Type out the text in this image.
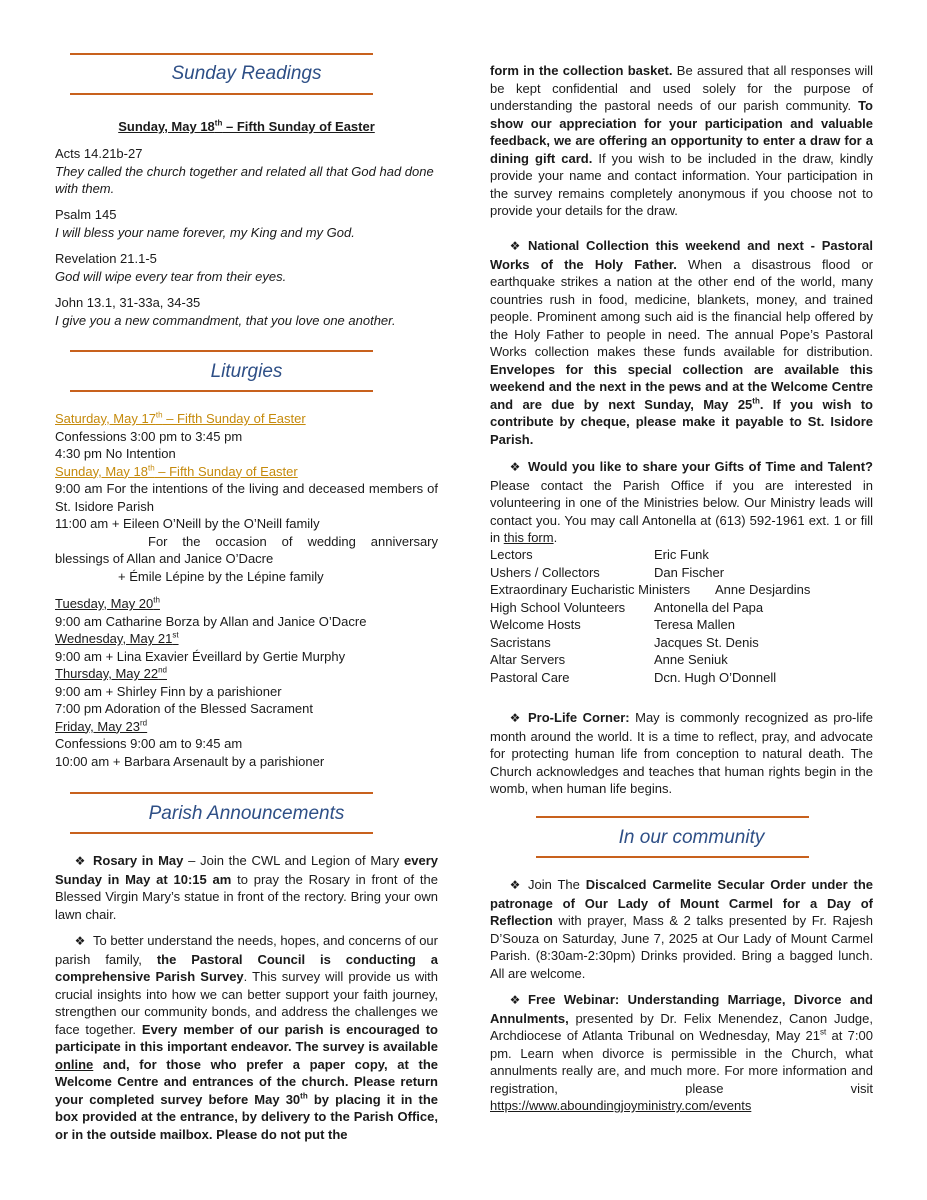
Sunday Readings
Sunday, May 18th – Fifth Sunday of Easter
Acts 14.21b-27
They called the church together and related all that God had done with them.
Psalm 145
I will bless your name forever, my King and my God.
Revelation 21.1-5
God will wipe every tear from their eyes.
John 13.1, 31-33a, 34-35
I give you a new commandment, that you love one another.
Liturgies
Saturday, May 17th – Fifth Sunday of Easter
Confessions 3:00 pm to 3:45 pm
4:30 pm No Intention
Sunday, May 18th – Fifth Sunday of Easter
9:00 am For the intentions of the living and deceased members of St. Isidore Parish
11:00 am + Eileen O’Neill by the O’Neill family
For the occasion of wedding anniversary blessings of Allan and Janice O’Dacre
+ Émile Lépine by the Lépine family
Tuesday, May 20th
9:00 am Catharine Borza by Allan and Janice O’Dacre
Wednesday, May 21st
9:00 am + Lina Exavier Éveillard by Gertie Murphy
Thursday, May 22nd
9:00 am + Shirley Finn by a parishioner
7:00 pm Adoration of the Blessed Sacrament
Friday, May 23rd
Confessions 9:00 am to 9:45 am
10:00 am + Barbara Arsenault by a parishioner
Parish Announcements
❖ Rosary in May – Join the CWL and Legion of Mary every Sunday in May at 10:15 am to pray the Rosary in front of the Blessed Virgin Mary’s statue in front of the rectory. Bring your own lawn chair.
❖ To better understand the needs, hopes, and concerns of our parish family, the Pastoral Council is conducting a comprehensive Parish Survey. This survey will provide us with crucial insights into how we can better support your faith journey, strengthen our community bonds, and address the challenges we face together. Every member of our parish is encouraged to participate in this important endeavor. The survey is available online and, for those who prefer a paper copy, at the Welcome Centre and entrances of the church. Please return your completed survey before May 30th by placing it in the box provided at the entrance, by delivery to the Parish Office, or in the outside mailbox. Please do not put the
form in the collection basket. Be assured that all responses will be kept confidential and used solely for the purpose of understanding the pastoral needs of our parish community. To show our appreciation for your participation and valuable feedback, we are offering an opportunity to enter a draw for a dining gift card. If you wish to be included in the draw, kindly provide your name and contact information. Your participation in the survey remains completely anonymous if you choose not to provide your details for the draw.
❖ National Collection this weekend and next - Pastoral Works of the Holy Father. When a disastrous flood or earthquake strikes a nation at the other end of the world, many countries rush in food, medicine, blankets, money, and trained people. Prominent among such aid is the financial help offered by the Holy Father to people in need. The annual Pope’s Pastoral Works collection makes these funds available for distribution. Envelopes for this special collection are available this weekend and the next in the pews and at the Welcome Centre and are due by next Sunday, May 25th. If you wish to contribute by cheque, please make it payable to St. Isidore Parish.
❖ Would you like to share your Gifts of Time and Talent? Please contact the Parish Office if you are interested in volunteering in one of the Ministries below. Our Ministry leads will contact you. You may call Antonella at (613) 592-1961 ext. 1 or fill in this form.
Lectors	Eric Funk
Ushers / Collectors	Dan Fischer
Extraordinary Eucharistic Ministers Anne Desjardins
High School Volunteers Antonella del Papa
Welcome Hosts	Teresa Mallen
Sacristans	Jacques St. Denis
Altar Servers	Anne Seniuk
Pastoral Care	Dcn. Hugh O’Donnell
❖ Pro-Life Corner: May is commonly recognized as pro-life month around the world. It is a time to reflect, pray, and advocate for protecting human life from conception to natural death. The Church acknowledges and teaches that human rights begin in the womb, when human life begins.
In our community
❖ Join The Discalced Carmelite Secular Order under the patronage of Our Lady of Mount Carmel for a Day of Reflection with prayer, Mass & 2 talks presented by Fr. Rajesh D’Souza on Saturday, June 7, 2025 at Our Lady of Mount Carmel Parish. (8:30am-2:30pm) Drinks provided. Bring a bagged lunch. All are welcome.
❖ Free Webinar: Understanding Marriage, Divorce and Annulments, presented by Dr. Felix Menendez, Canon Judge, Archdiocese of Atlanta Tribunal on Wednesday, May 21st at 7:00 pm. Learn when divorce is permissible in the Church, what annulments really are, and much more. For more information and registration, please visit https://www.aboundingjoyministry.com/events
